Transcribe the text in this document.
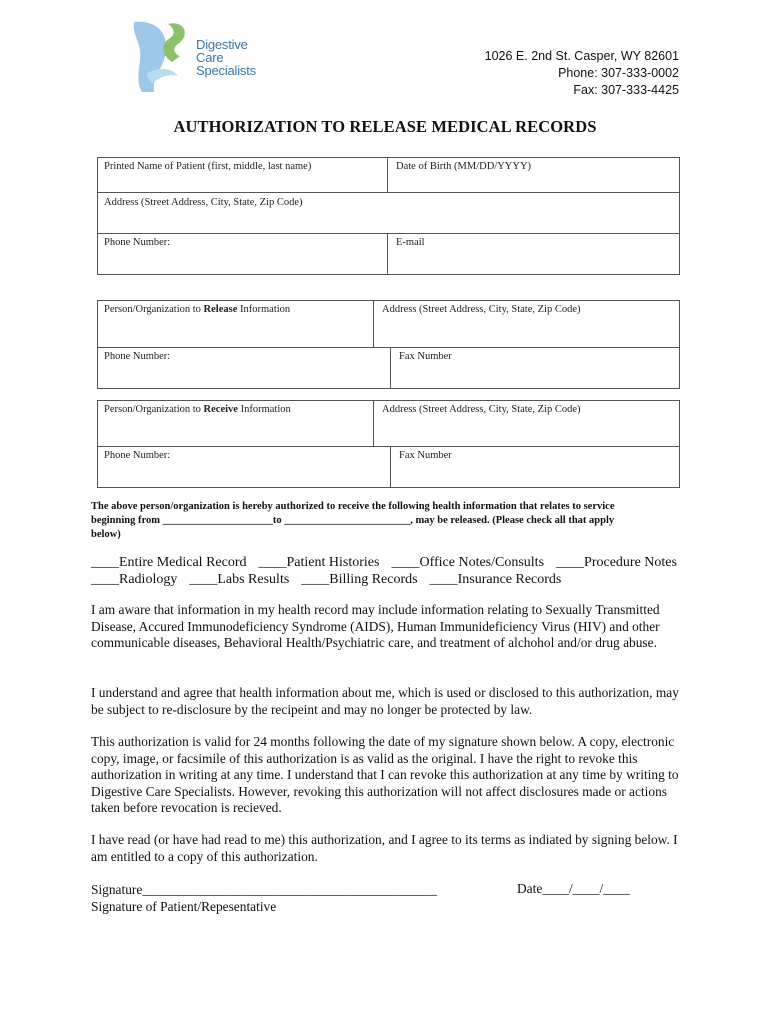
Digestive
Care
Specialists
1026 E. 2nd St. Casper, WY 82601
Phone: 307-333-0002
Fax: 307-333-4425
AUTHORIZATION TO RELEASE MEDICAL RECORDS
Printed Name of Patient (first, middle, last name)	Date of Birth (MM/DD/YYYY)
Address (Street Address, City, State, Zip Code)
Phone Number:	E-mail
Person/Organization to Release Information	Address (Street Address, City, State, Zip Code)
Phone Number:	Fax Number
Person/Organization to Receive Information	Address (Street Address, City, State, Zip Code)
Phone Number:	Fax Number
The above person/organization is hereby authorized to receive the following health information that relates to service
beginning from _____________________to ________________________, may be released. (Please check all that apply
below)
____Entire Medical Record ____Patient Histories ____Office Notes/Consults ____Procedure Notes
____Radiology ____Labs Results ____Billing Records ____Insurance Records
I am aware that information in my health record may include information relating to Sexually Transmitted Disease, Accured Immunodeficiency Syndrome (AIDS), Human Immunideficiency Virus (HIV) and other communicable diseases, Behavioral Health/Psychiatric care, and treatment of alchohol and/or drug abuse.
I understand and agree that health information about me, which is used or disclosed to this authorization, may be subject to re-disclosure by the recipeint and may no longer be protected by law.
This authorization is valid for 24 months following the date of my signature shown below. A copy, electronic copy, image, or facsimile of this authorization is as valid as the original. I have the right to revoke this authorization in writing at any time. I understand that I can revoke this authorization at any time by writing to Digestive Care Specialists. However, revoking this authorization will not affect disclosures made or actions taken before revocation is recieved.
I have read (or have had read to me) this authorization, and I agree to its terms as indiated by signing below. I am entitled to a copy of this authorization.
Signature____________________________________________
Signature of Patient/Repesentative
Date____/____/____
